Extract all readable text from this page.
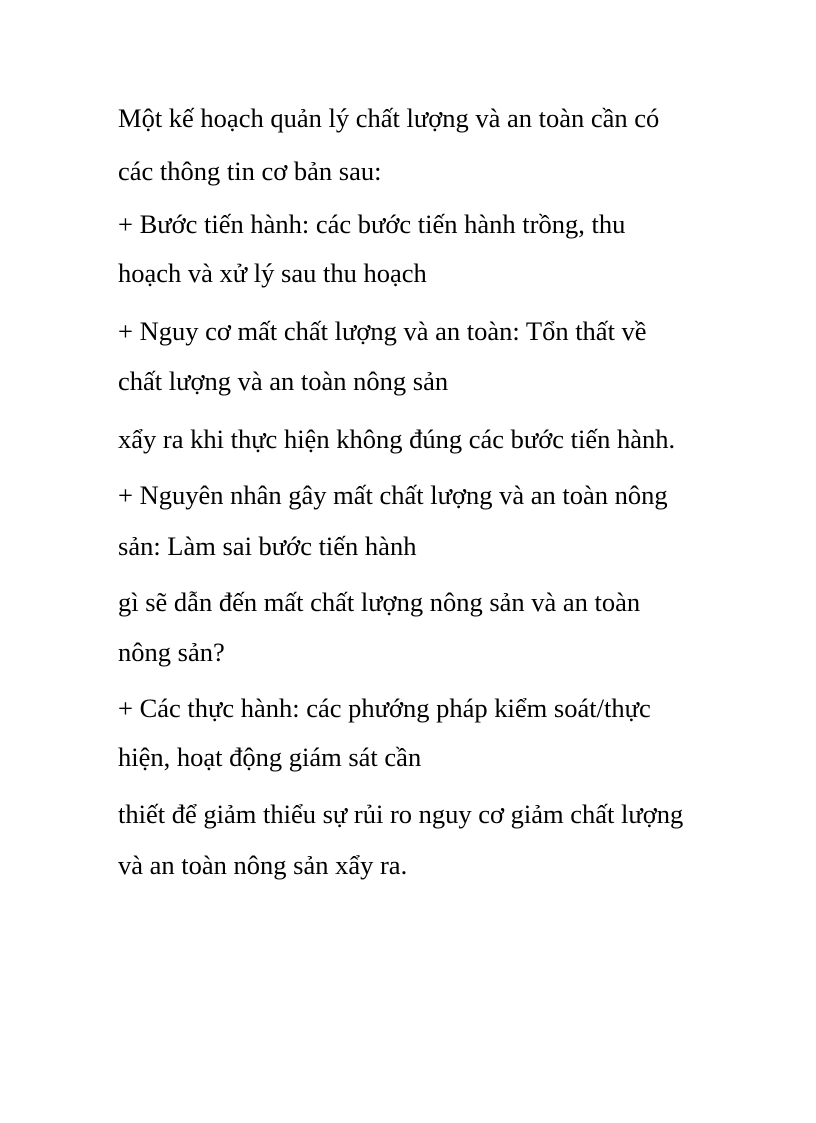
Một kế hoạch quản lý chất lượng và an toàn cần có
các thông tin cơ bản sau:
+ Bước tiến hành: các bước tiến hành trồng, thu
hoạch và xử lý sau thu hoạch
+ Nguy cơ mất chất lượng và an toàn: Tổn thất về
chất lượng và an toàn nông sản
xẩy ra khi thực hiện không đúng các bước tiến hành.
+ Nguyên nhân gây mất chất lượng và an toàn nông
sản: Làm sai bước tiến hành
gì sẽ dẫn đến mất chất lượng nông sản và an toàn
nông sản?
+ Các thực hành: các phướng pháp kiểm soát/thực
hiện, hoạt động giám sát cần
thiết để giảm thiểu sự rủi ro nguy cơ giảm chất lượng
và an toàn nông sản xẩy ra.
